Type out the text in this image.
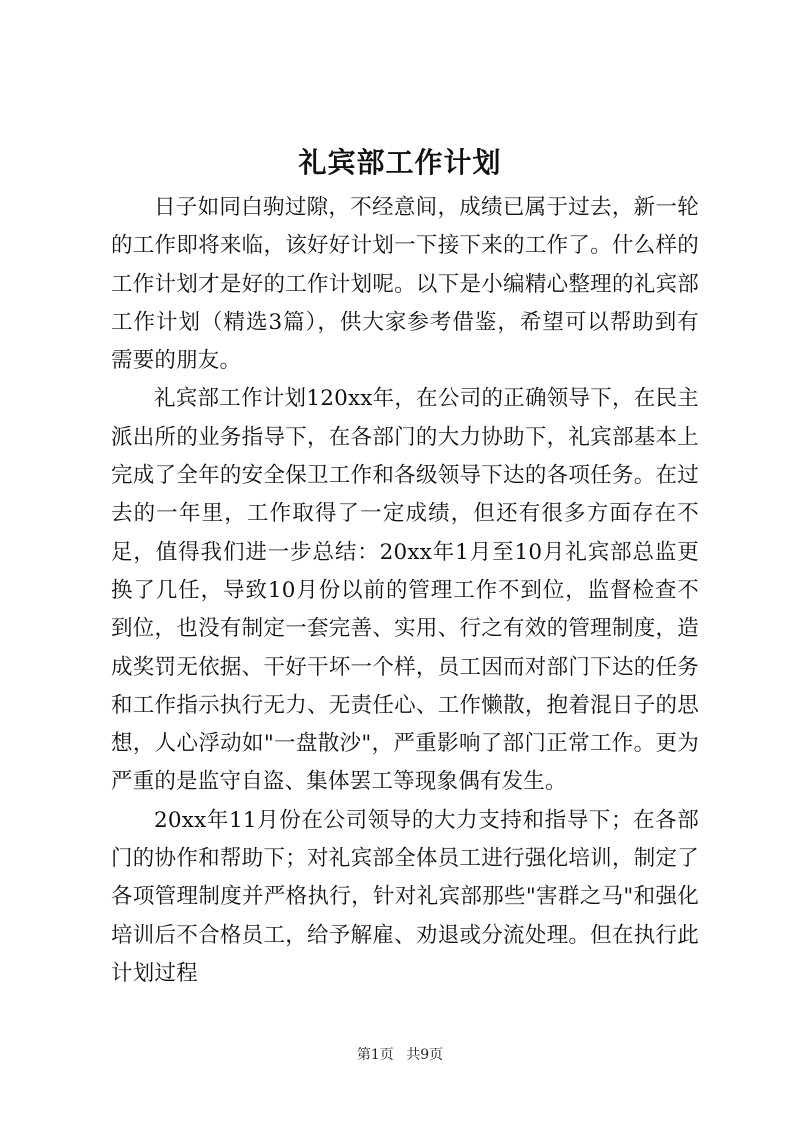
礼宾部工作计划

日子如同白驹过隙，不经意间，成绩已属于过去，新一轮的工作即将来临，该好好计划一下接下来的工作了。什么样的工作计划才是好的工作计划呢。以下是小编精心整理的礼宾部工作计划（精选3篇），供大家参考借鉴，希望可以帮助到有需要的朋友。

礼宾部工作计划120xx年，在公司的正确领导下，在民主派出所的业务指导下，在各部门的大力协助下，礼宾部基本上完成了全年的安全保卫工作和各级领导下达的各项任务。在过去的一年里，工作取得了一定成绩，但还有很多方面存在不足，值得我们进一步总结：20xx年1月至10月礼宾部总监更换了几任，导致10月份以前的管理工作不到位，监督检查不到位，也没有制定一套完善、实用、行之有效的管理制度，造成奖罚无依据、干好干坏一个样，员工因而对部门下达的任务和工作指示执行无力、无责任心、工作懒散，抱着混日子的思想，人心浮动如"一盘散沙"，严重影响了部门正常工作。更为严重的是监守自盗、集体罢工等现象偶有发生。

20xx年11月份在公司领导的大力支持和指导下；在各部门的协作和帮助下；对礼宾部全体员工进行强化培训，制定了各项管理制度并严格执行，针对礼宾部那些"害群之马"和强化培训后不合格员工，给予解雇、劝退或分流处理。但在执行此计划过程

第1页 共9页
